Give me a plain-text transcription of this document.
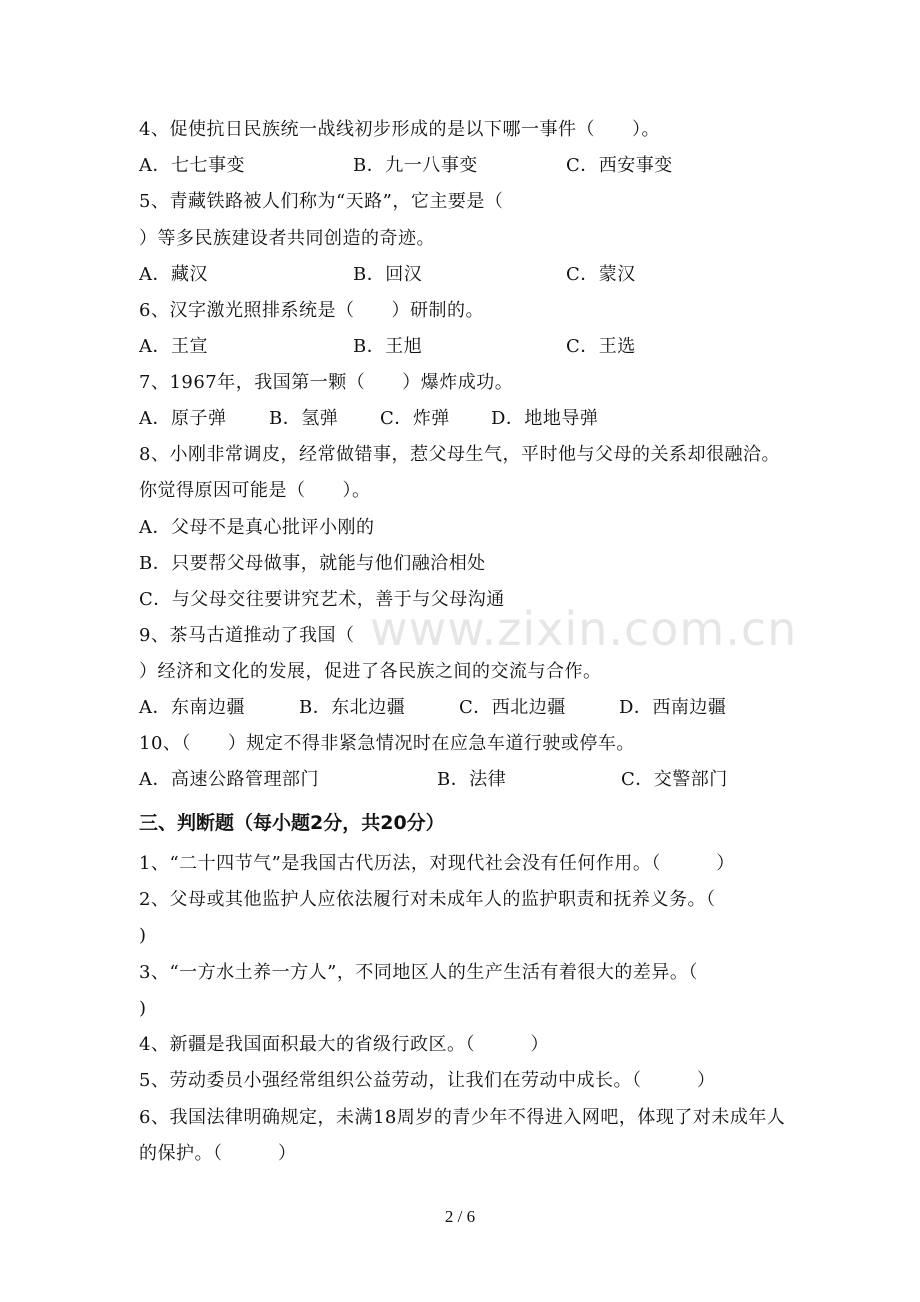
www.zixin.com.cn
4、促使抗日民族统一战线初步形成的是以下哪一事件（　　）。
A．七七事变	B．九一八事变	C．西安事变
5、青藏铁路被人们称为“天路”，它主要是（
）等多民族建设者共同创造的奇迹。
A．藏汉	B．回汉	C．蒙汉
6、汉字激光照排系统是（　　）研制的。
A．王宣	B．王旭	C．王选
7、1967年，我国第一颗（　　）爆炸成功。
A．原子弹 B．氢弹 C．炸弹 D．地地导弹
8、小刚非常调皮，经常做错事，惹父母生气，平时他与父母的关系却很融洽。
你觉得原因可能是（　　）。
A．父母不是真心批评小刚的
B．只要帮父母做事，就能与他们融洽相处
C．与父母交往要讲究艺术，善于与父母沟通
9、茶马古道推动了我国（
）经济和文化的发展，促进了各民族之间的交流与合作。
A．东南边疆	B．东北边疆	C．西北边疆	D．西南边疆
10、（　　）规定不得非紧急情况时在应急车道行驶或停车。
A．高速公路管理部门	B．法律	C．交警部门
三、判断题（每小题2分，共20分）
1、“二十四节气”是我国古代历法，对现代社会没有任何作用。（　　　）
2、父母或其他监护人应依法履行对未成年人的监护职责和抚养义务。（
)
3、“一方水土养一方人”，不同地区人的生产生活有着很大的差异。（
)
4、新疆是我国面积最大的省级行政区。（　　　）
5、劳动委员小强经常组织公益劳动，让我们在劳动中成长。（　　　）
6、我国法律明确规定，未满18周岁的青少年不得进入网吧，体现了对未成年人
的保护。（　　　）
2 / 6
